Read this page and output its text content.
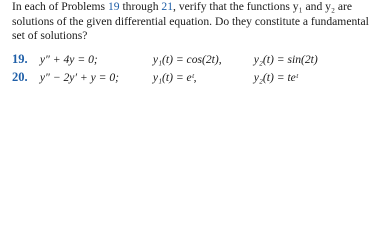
In each of Problems 19 through 21, verify that the functions y₁ and y₂ are solutions of the given differential equation. Do they constitute a fundamental set of solutions?
19. y″ + 4y = 0;	y₁(t) = cos(2t),	y₂(t) = sin(2t)
20. y″ − 2y′ + y = 0;	y₁(t) = eᵗ,	y₂(t) = teᵗ
